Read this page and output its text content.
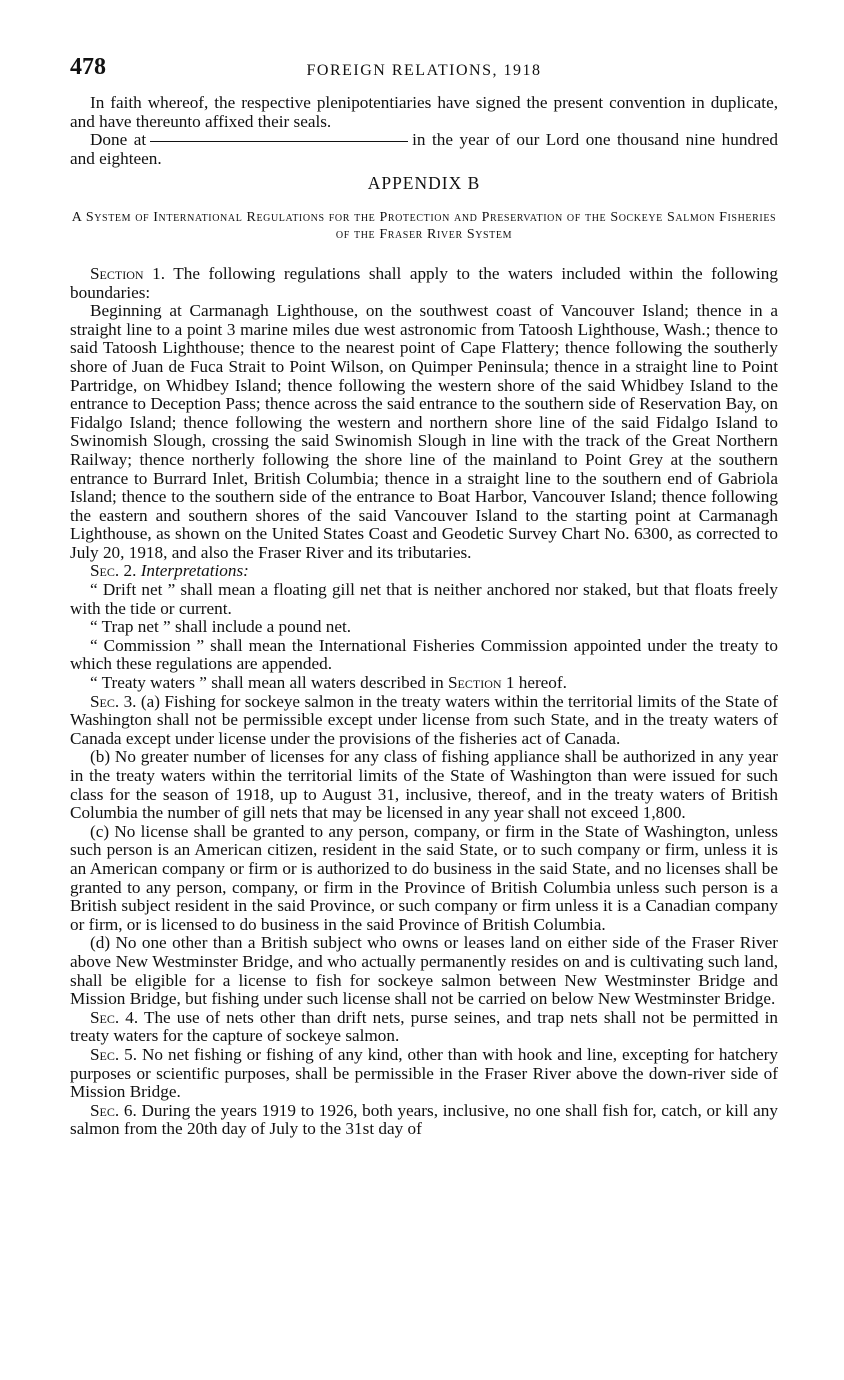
478	FOREIGN RELATIONS, 1918

In faith whereof, the respective plenipotentiaries have signed the present convention in duplicate, and have thereunto affixed their seals.

Done at	in the year of our Lord one thousand nine hundred and eighteen.

APPENDIX B
A System of International Regulations for the Protection and Preservation of the Sockeye Salmon Fisheries of the Fraser River System

Section 1. The following regulations shall apply to the waters included within the following boundaries:

Beginning at Carmanagh Lighthouse, on the southwest coast of Vancouver Island; thence in a straight line to a point 3 marine miles due west astronomic from Tatoosh Lighthouse, Wash.; thence to said Tatoosh Lighthouse; thence to the nearest point of Cape Flattery; thence following the southerly shore of Juan de Fuca Strait to Point Wilson, on Quimper Peninsula; thence in a straight line to Point Partridge, on Whidbey Island; thence following the western shore of the said Whidbey Island to the entrance to Deception Pass; thence across the said entrance to the southern side of Reservation Bay, on Fidalgo Island; thence following the western and northern shore line of the said Fidalgo Island to Swinomish Slough, crossing the said Swinomish Slough in line with the track of the Great Northern Railway; thence northerly following the shore line of the mainland to Point Grey at the southern entrance to Burrard Inlet, British Columbia; thence in a straight line to the southern end of Gabriola Island; thence to the southern side of the entrance to Boat Harbor, Vancouver Island; thence following the eastern and southern shores of the said Vancouver Island to the starting point at Carmanagh Lighthouse, as shown on the United States Coast and Geodetic Survey Chart No. 6300, as corrected to July 20, 1918, and also the Fraser River and its tributaries.

Sec. 2. Interpretations:

“ Drift net ” shall mean a floating gill net that is neither anchored nor staked, but that floats freely with the tide or current.

“ Trap net ” shall include a pound net.

“ Commission ” shall mean the International Fisheries Commission appointed under the treaty to which these regulations are appended.

“ Treaty waters ” shall mean all waters described in Section 1 hereof.

Sec. 3. (a) Fishing for sockeye salmon in the treaty waters within the territorial limits of the State of Washington shall not be permissible except under license from such State, and in the treaty waters of Canada except under license under the provisions of the fisheries act of Canada.

(b) No greater number of licenses for any class of fishing appliance shall be authorized in any year in the treaty waters within the territorial limits of the State of Washington than were issued for such class for the season of 1918, up to August 31, inclusive, thereof, and in the treaty waters of British Columbia the number of gill nets that may be licensed in any year shall not exceed 1,800.

(c) No license shall be granted to any person, company, or firm in the State of Washington, unless such person is an American citizen, resident in the said State, or to such company or firm, unless it is an American company or firm or is authorized to do business in the said State, and no licenses shall be granted to any person, company, or firm in the Province of British Columbia unless such person is a British subject resident in the said Province, or such company or firm unless it is a Canadian company or firm, or is licensed to do business in the said Province of British Columbia.

(d) No one other than a British subject who owns or leases land on either side of the Fraser River above New Westminster Bridge, and who actually permanently resides on and is cultivating such land, shall be eligible for a license to fish for sockeye salmon between New Westminster Bridge and Mission Bridge, but fishing under such license shall not be carried on below New Westminster Bridge.

Sec. 4. The use of nets other than drift nets, purse seines, and trap nets shall not be permitted in treaty waters for the capture of sockeye salmon.

Sec. 5. No net fishing or fishing of any kind, other than with hook and line, excepting for hatchery purposes or scientific purposes, shall be permissible in the Fraser River above the down-river side of Mission Bridge.

Sec. 6. During the years 1919 to 1926, both years, inclusive, no one shall fish for, catch, or kill any salmon from the 20th day of July to the 31st day of
